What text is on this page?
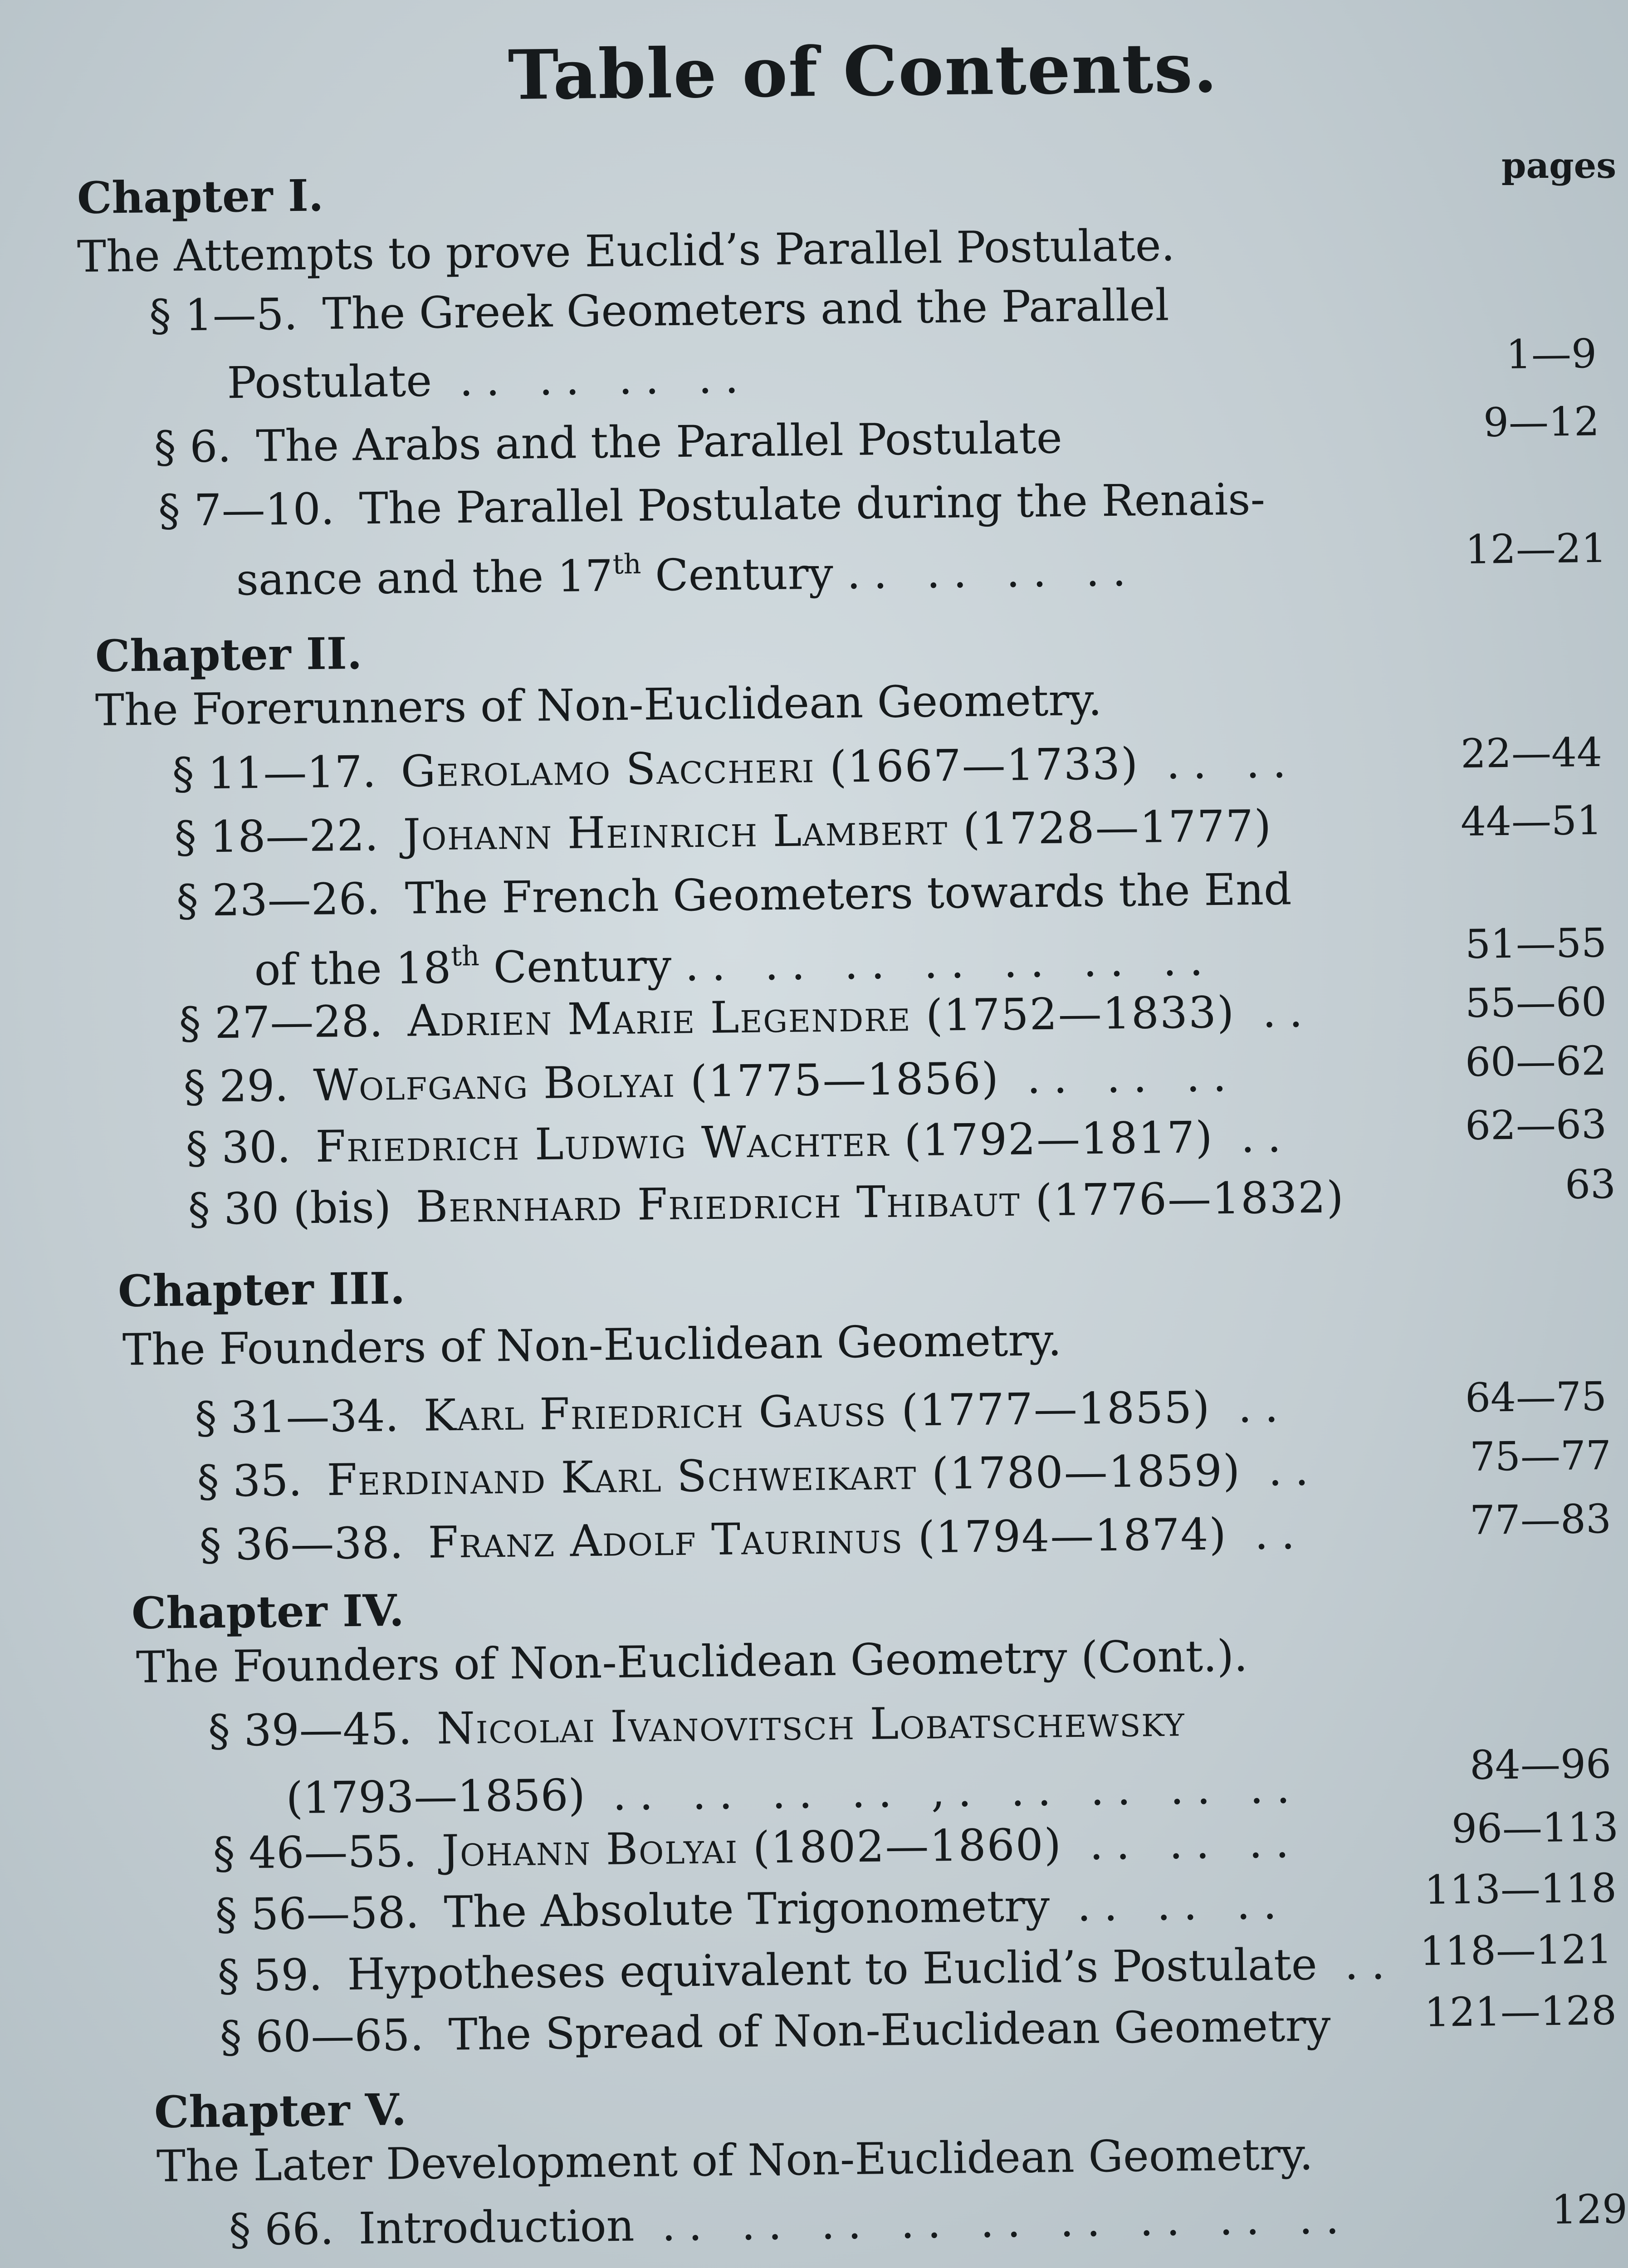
Table of Contents.
pages
Chapter I.
The Attempts to prove Euclid’s Parallel Postulate.
§ 1—5. The Greek Geometers and the Parallel
Postulate .. .. .. ..	1—9
§ 6. The Arabs and the Parallel Postulate	9—12
§ 7—10. The Parallel Postulate during the Renais-
sance and the 17th Century .. .. .. ..	12—21
Chapter II.
The Forerunners of Non-Euclidean Geometry.
§ 11—17. Gerolamo Saccheri (1667—1733) .. ..	22—44
§ 18—22. Johann Heinrich Lambert (1728—1777)	44—51
§ 23—26. The French Geometers towards the End
of the 18th Century .. .. .. .. .. .. ..	51—55
§ 27—28. Adrien Marie Legendre (1752—1833) ..	55—60
§ 29. Wolfgang Bolyai (1775—1856) .. .. ..	60—62
§ 30. Friedrich Ludwig Wachter (1792—1817) ..	62—63
§ 30 (bis) Bernhard Friedrich Thibaut (1776—1832)	63
Chapter III.
The Founders of Non-Euclidean Geometry.
§ 31—34. Karl Friedrich Gauss (1777—1855) ..	64—75
§ 35. Ferdinand Karl Schweikart (1780—1859) ..	75—77
§ 36—38. Franz Adolf Taurinus (1794—1874) ..	77—83
Chapter IV.
The Founders of Non-Euclidean Geometry (Cont.).
§ 39—45. Nicolai Ivanovitsch Lobatschewsky
(1793—1856) .. .. .. .. ,. .. .. .. ..	84—96
§ 46—55. Johann Bolyai (1802—1860) .. .. ..	96—113
§ 56—58. The Absolute Trigonometry .. .. ..	113—118
§ 59. Hypotheses equivalent to Euclid’s Postulate .. 118—121
§ 60—65. The Spread of Non-Euclidean Geometry 121—128
Chapter V.
The Later Development of Non-Euclidean Geometry.
§ 66. Introduction .. .. .. .. .. .. .. .. ..	129
